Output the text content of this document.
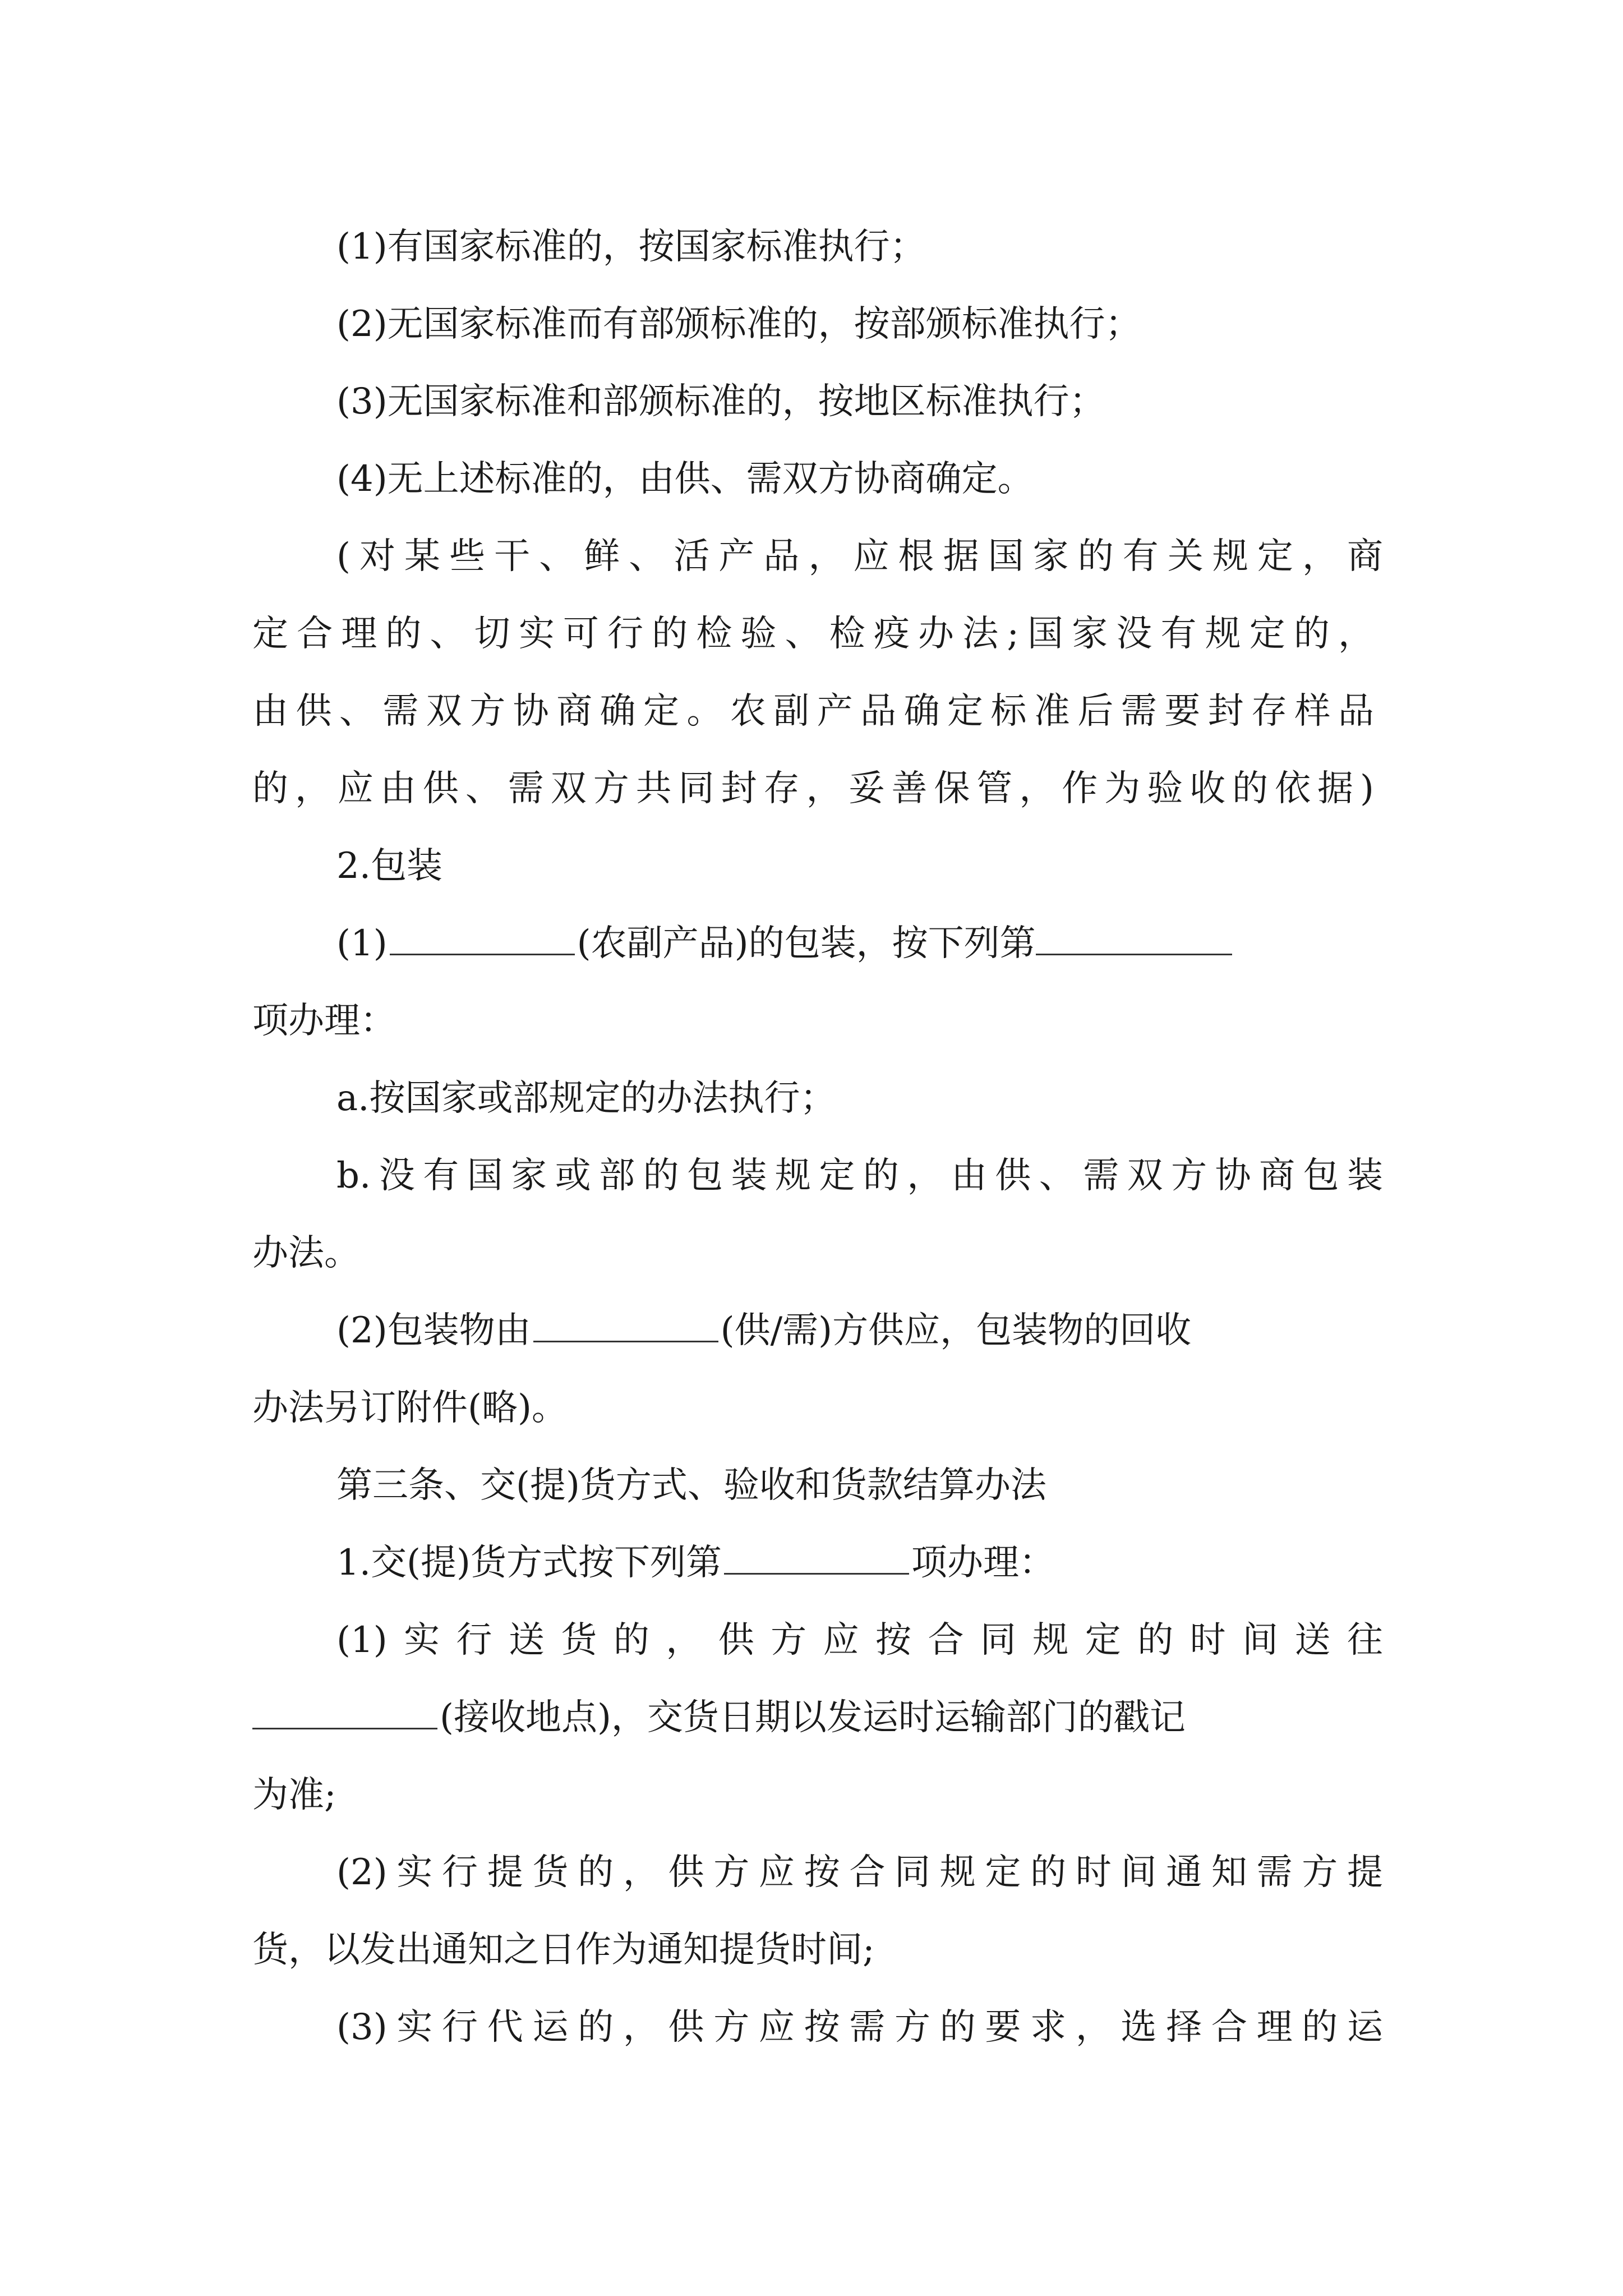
(1)有国家标准的，按国家标准执行；
(2)无国家标准而有部颁标准的，按部颁标准执行；
(3)无国家标准和部颁标准的，按地区标准执行；
(4)无上述标准的，由供、需双方协商确定。
(对某些干、鲜、活产品，应根据国家的有关规定，商
定合理的、切实可行的检验、检疫办法;国家没有规定的，
由供、需双方协商确定。农副产品确定标准后需要封存样品
的，应由供、需双方共同封存，妥善保管，作为验收的依据)
2.包装
(1)	(农副产品)的包装，按下列第
项办理：
a.按国家或部规定的办法执行；
b.没有国家或部的包装规定的，由供、需双方协商包装
办法。
(2)包装物由	(供/需)方供应，包装物的回收
办法另订附件(略)。
第三条、交(提)货方式、验收和货款结算办法
1.交(提)货方式按下列第	项办理：
(1)实行送货的，供方应按合同规定的时间送往
(接收地点)，交货日期以发运时运输部门的戳记
为准;
(2)实行提货的，供方应按合同规定的时间通知需方提
货，以发出通知之日作为通知提货时间;
(3)实行代运的，供方应按需方的要求，选择合理的运
